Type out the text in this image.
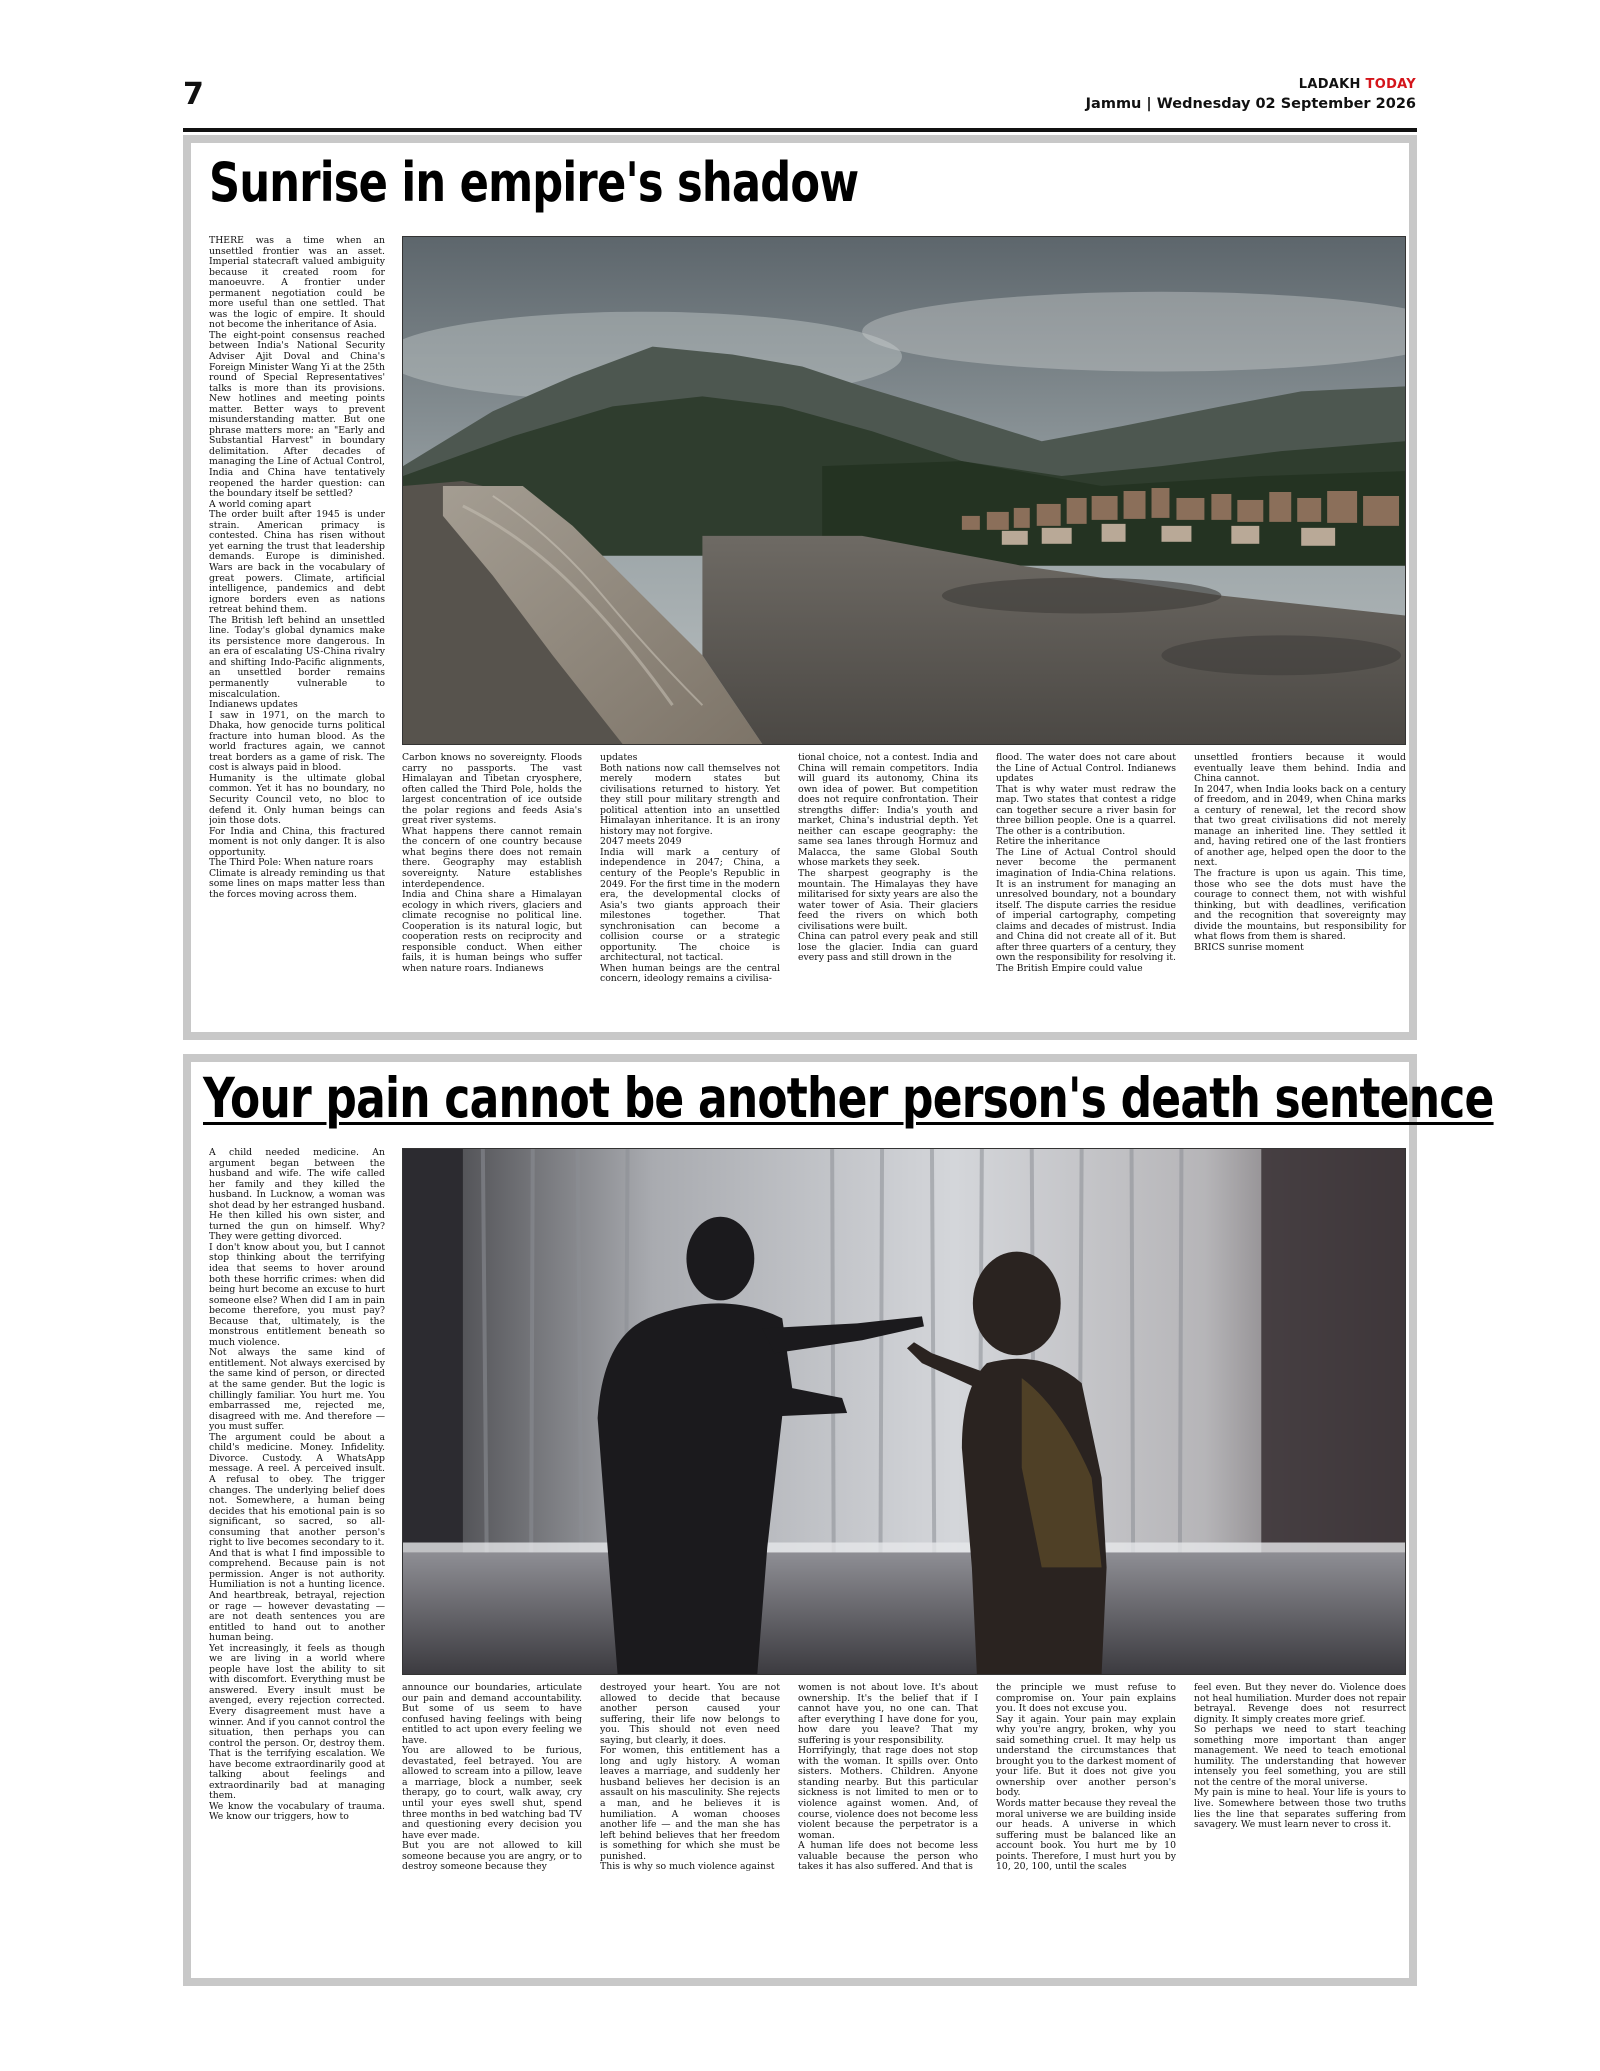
7	LADAKH TODAY
Jammu | Wednesday 02 September 2026
Sunrise in empire's shadow

THERE was a time when an unsettled frontier was an asset. Imperial statecraft valued ambiguity because it created room for manoeuvre. A frontier under permanent negotiation could be more useful than one settled. That was the logic of empire. It should not become the inheritance of Asia.

The eight-point consensus reached between India's National Security Adviser Ajit Doval and China's Foreign Minister Wang Yi at the 25th round of Special Representatives' talks is more than its provisions. New hotlines and meeting points matter. Better ways to prevent misunderstanding matter. But one phrase matters more: an "Early and Substantial Harvest" in boundary delimitation. After decades of managing the Line of Actual Control, India and China have tentatively reopened the harder question: can the boundary itself be settled?

A world coming apart

The order built after 1945 is under strain. American primacy is contested. China has risen without yet earning the trust that leadership demands. Europe is diminished. Wars are back in the vocabulary of great powers. Climate, artificial intelligence, pandemics and debt ignore borders even as nations retreat behind them.

The British left behind an unsettled line. Today's global dynamics make its persistence more dangerous. In an era of escalating US-China rivalry and shifting Indo-Pacific alignments, an unsettled border remains permanently vulnerable to miscalculation.

Indianews updates

I saw in 1971, on the march to Dhaka, how genocide turns political fracture into human blood. As the world fractures again, we cannot treat borders as a game of risk. The cost is always paid in blood.

Humanity is the ultimate global common. Yet it has no boundary, no Security Council veto, no bloc to defend it. Only human beings can join those dots.

For India and China, this fractured moment is not only danger. It is also opportunity.

The Third Pole: When nature roars

Climate is already reminding us that some lines on maps matter less than the forces moving across them.

Carbon knows no sovereignty. Floods carry no passports. The vast Himalayan and Tibetan cryosphere, often called the Third Pole, holds the largest concentration of ice outside the polar regions and feeds Asia's great river systems.

What happens there cannot remain the concern of one country because what begins there does not remain there. Geography may establish sovereignty. Nature establishes interdependence.

India and China share a Himalayan ecology in which rivers, glaciers and climate recognise no political line. Cooperation is its natural logic, but cooperation rests on reciprocity and responsible conduct. When either fails, it is human beings who suffer when nature roars. Indianews

updates

Both nations now call themselves not merely modern states but civilisations returned to history. Yet they still pour military strength and political attention into an unsettled Himalayan inheritance. It is an irony history may not forgive.

2047 meets 2049

India will mark a century of independence in 2047; China, a century of the People's Republic in 2049. For the first time in the modern era, the developmental clocks of Asia's two giants approach their milestones together. That synchronisation can become a collision course or a strategic opportunity. The choice is architectural, not tactical.

When human beings are the central concern, ideology remains a civilisa-

tional choice, not a contest. India and China will remain competitors. India will guard its autonomy, China its own idea of power. But competition does not require confrontation. Their strengths differ: India's youth and market, China's industrial depth. Yet neither can escape geography: the same sea lanes through Hormuz and Malacca, the same Global South whose markets they seek.

The sharpest geography is the mountain. The Himalayas they have militarised for sixty years are also the water tower of Asia. Their glaciers feed the rivers on which both civilisations were built.

China can patrol every peak and still lose the glacier. India can guard every pass and still drown in the

flood. The water does not care about the Line of Actual Control. Indianews updates

That is why water must redraw the map. Two states that contest a ridge can together secure a river basin for three billion people. One is a quarrel. The other is a contribution.

Retire the inheritance

The Line of Actual Control should never become the permanent imagination of India-China relations. It is an instrument for managing an unresolved boundary, not a boundary itself. The dispute carries the residue of imperial cartography, competing claims and decades of mistrust. India and China did not create all of it. But after three quarters of a century, they own the responsibility for resolving it. The British Empire could value

unsettled frontiers because it would eventually leave them behind. India and China cannot.

In 2047, when India looks back on a century of freedom, and in 2049, when China marks a century of renewal, let the record show that two great civilisations did not merely manage an inherited line. They settled it and, having retired one of the last frontiers of another age, helped open the door to the next.

The fracture is upon us again. This time, those who see the dots must have the courage to connect them, not with wishful thinking, but with deadlines, verification and the recognition that sovereignty may divide the mountains, but responsibility for what flows from them is shared.

BRICS sunrise moment

Your pain cannot be another person's death sentence

A child needed medicine. An argument began between the husband and wife. The wife called her family and they killed the husband. In Lucknow, a woman was shot dead by her estranged husband. He then killed his own sister, and turned the gun on himself. Why? They were getting divorced.

I don't know about you, but I cannot stop thinking about the terrifying idea that seems to hover around both these horrific crimes: when did being hurt become an excuse to hurt someone else? When did I am in pain become therefore, you must pay? Because that, ultimately, is the monstrous entitlement beneath so much violence.

Not always the same kind of entitlement. Not always exercised by the same kind of person, or directed at the same gender. But the logic is chillingly familiar. You hurt me. You embarrassed me, rejected me, disagreed with me. And therefore — you must suffer.

The argument could be about a child's medicine. Money. Infidelity. Divorce. Custody. A WhatsApp message. A reel. A perceived insult. A refusal to obey. The trigger changes. The underlying belief does not. Somewhere, a human being decides that his emotional pain is so significant, so sacred, so all-consuming that another person's right to live becomes secondary to it.

And that is what I find impossible to comprehend. Because pain is not permission. Anger is not authority. Humiliation is not a hunting licence. And heartbreak, betrayal, rejection or rage — however devastating — are not death sentences you are entitled to hand out to another human being.

Yet increasingly, it feels as though we are living in a world where people have lost the ability to sit with discomfort. Everything must be answered. Every insult must be avenged, every rejection corrected. Every disagreement must have a winner. And if you cannot control the situation, then perhaps you can control the person. Or, destroy them. That is the terrifying escalation. We have become extraordinarily good at talking about feelings and extraordinarily bad at managing them.

We know the vocabulary of trauma. We know our triggers, how to

announce our boundaries, articulate our pain and demand accountability. But some of us seem to have confused having feelings with being entitled to act upon every feeling we have.

You are allowed to be furious, devastated, feel betrayed. You are allowed to scream into a pillow, leave a marriage, block a number, seek therapy, go to court, walk away, cry until your eyes swell shut, spend three months in bed watching bad TV and questioning every decision you have ever made.

But you are not allowed to kill someone because you are angry, or to destroy someone because they

destroyed your heart. You are not allowed to decide that because another person caused your suffering, their life now belongs to you. This should not even need saying, but clearly, it does.

For women, this entitlement has a long and ugly history. A woman leaves a marriage, and suddenly her husband believes her decision is an assault on his masculinity. She rejects a man, and he believes it is humiliation. A woman chooses another life — and the man she has left behind believes that her freedom is something for which she must be punished.

This is why so much violence against

women is not about love. It's about ownership. It's the belief that if I cannot have you, no one can. That after everything I have done for you, how dare you leave? That my suffering is your responsibility.

Horrifyingly, that rage does not stop with the woman. It spills over. Onto sisters. Mothers. Children. Anyone standing nearby. But this particular sickness is not limited to men or to violence against women. And, of course, violence does not become less violent because the perpetrator is a woman.

A human life does not become less valuable because the person who takes it has also suffered. And that is

the principle we must refuse to compromise on. Your pain explains you. It does not excuse you.

Say it again. Your pain may explain why you're angry, broken, why you said something cruel. It may help us understand the circumstances that brought you to the darkest moment of your life. But it does not give you ownership over another person's body.

Words matter because they reveal the moral universe we are building inside our heads. A universe in which suffering must be balanced like an account book. You hurt me by 10 points. Therefore, I must hurt you by 10, 20, 100, until the scales

feel even. But they never do. Violence does not heal humiliation. Murder does not repair betrayal. Revenge does not resurrect dignity. It simply creates more grief.

So perhaps we need to start teaching something more important than anger management. We need to teach emotional humility. The understanding that however intensely you feel something, you are still not the centre of the moral universe.

My pain is mine to heal. Your life is yours to live. Somewhere between those two truths lies the line that separates suffering from savagery. We must learn never to cross it.
